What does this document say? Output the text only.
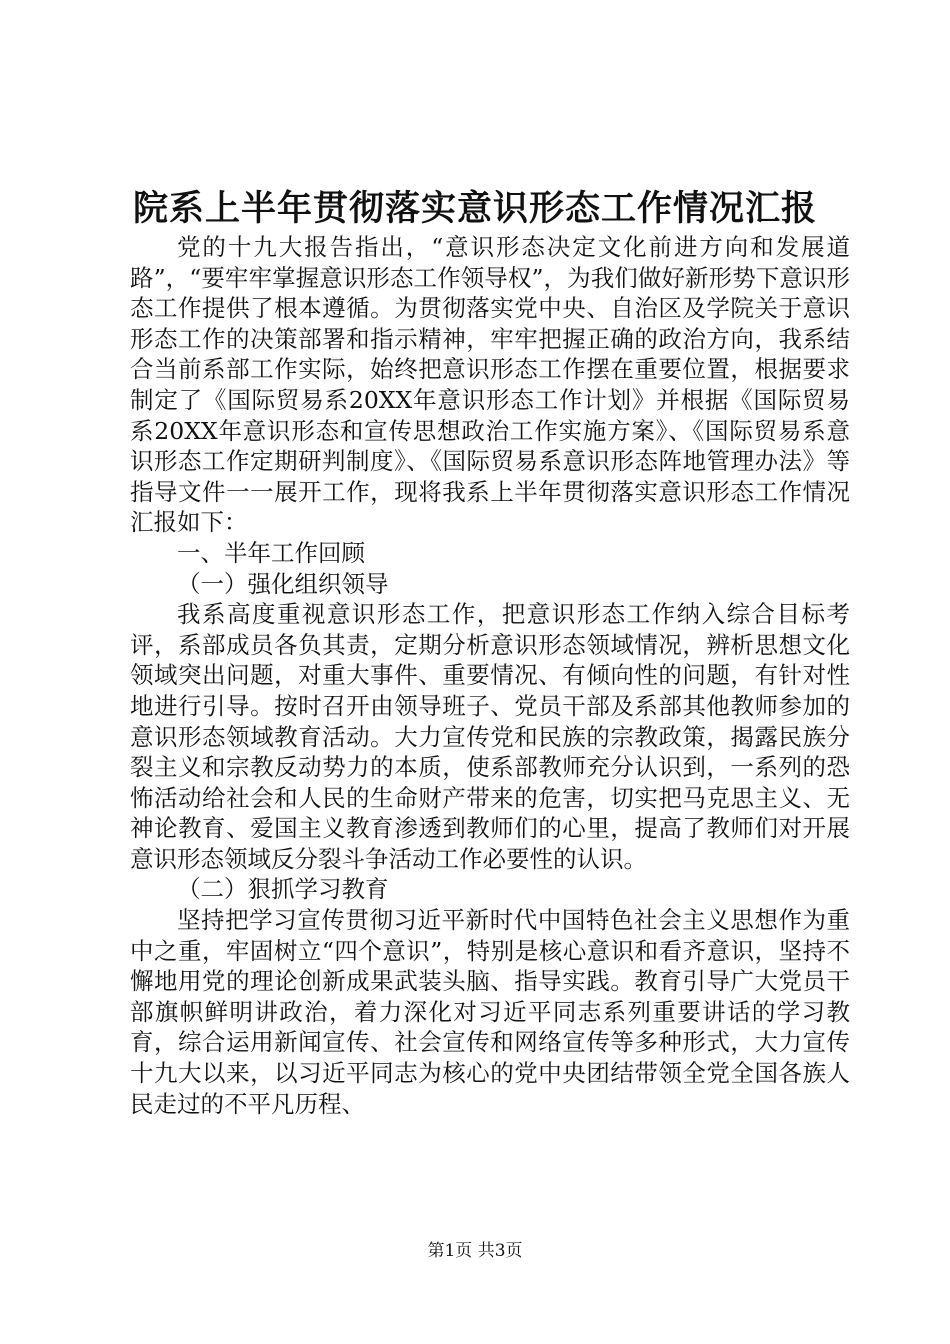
院系上半年贯彻落实意识形态工作情况汇报

党的十九大报告指出，“意识形态决定文化前进方向和发展道路”，“要牢牢掌握意识形态工作领导权”，为我们做好新形势下意识形态工作提供了根本遵循。为贯彻落实党中央、自治区及学院关于意识形态工作的决策部署和指示精神，牢牢把握正确的政治方向，我系结合当前系部工作实际，始终把意识形态工作摆在重要位置，根据要求制定了《国际贸易系20XX年意识形态工作计划》并根据《国际贸易系20XX年意识形态和宣传思想政治工作实施方案》、《国际贸易系意识形态工作定期研判制度》、《国际贸易系意识形态阵地管理办法》等指导文件一一展开工作，现将我系上半年贯彻落实意识形态工作情况汇报如下：

一、半年工作回顾

（一）强化组织领导

我系高度重视意识形态工作，把意识形态工作纳入综合目标考评，系部成员各负其责，定期分析意识形态领域情况，辨析思想文化领域突出问题，对重大事件、重要情况、有倾向性的问题，有针对性地进行引导。按时召开由领导班子、党员干部及系部其他教师参加的意识形态领域教育活动。大力宣传党和民族的宗教政策，揭露民族分裂主义和宗教反动势力的本质，使系部教师充分认识到，一系列的恐怖活动给社会和人民的生命财产带来的危害，切实把马克思主义、无神论教育、爱国主义教育渗透到教师们的心里，提高了教师们对开展意识形态领域反分裂斗争活动工作必要性的认识。

（二）狠抓学习教育

坚持把学习宣传贯彻习近平新时代中国特色社会主义思想作为重中之重，牢固树立“四个意识”，特别是核心意识和看齐意识，坚持不懈地用党的理论创新成果武装头脑、指导实践。教育引导广大党员干部旗帜鲜明讲政治，着力深化对习近平同志系列重要讲话的学习教育，综合运用新闻宣传、社会宣传和网络宣传等多种形式，大力宣传十九大以来，以习近平同志为核心的党中央团结带领全党全国各族人民走过的不平凡历程、

第1页 共3页
